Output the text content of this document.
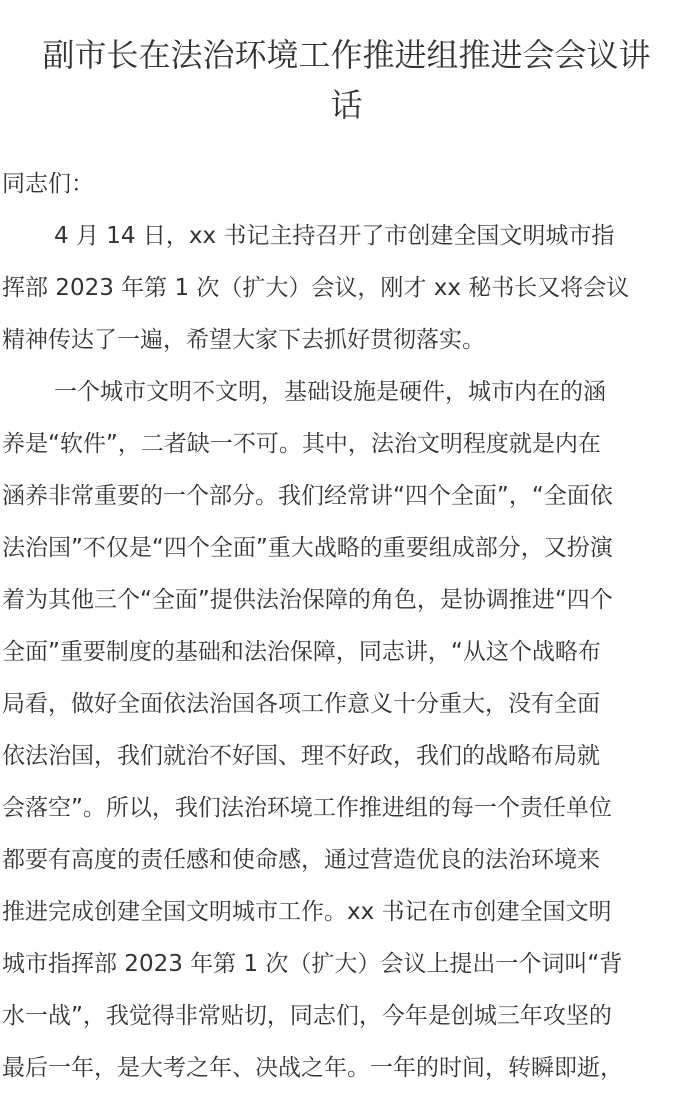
副市长在法治环境工作推进组推进会会议讲
话

同志们：

4 月 14 日，xx 书记主持召开了市创建全国文明城市指
挥部 2023 年第 1 次（扩大）会议，刚才 xx 秘书长又将会议
精神传达了一遍，希望大家下去抓好贯彻落实。
一个城市文明不文明，基础设施是硬件，城市内在的涵
养是“软件”，二者缺一不可。其中，法治文明程度就是内在
涵养非常重要的一个部分。我们经常讲“四个全面”，“全面依
法治国”不仅是“四个全面”重大战略的重要组成部分，又扮演
着为其他三个“全面”提供法治保障的角色，是协调推进“四个
全面”重要制度的基础和法治保障，同志讲，“从这个战略布
局看，做好全面依法治国各项工作意义十分重大，没有全面
依法治国，我们就治不好国、理不好政，我们的战略布局就
会落空”。所以，我们法治环境工作推进组的每一个责任单位
都要有高度的责任感和使命感，通过营造优良的法治环境来
推进完成创建全国文明城市工作。xx 书记在市创建全国文明
城市指挥部 2023 年第 1 次（扩大）会议上提出一个词叫“背
水一战”，我觉得非常贴切，同志们，今年是创城三年攻坚的
最后一年，是大考之年、决战之年。一年的时间，转瞬即逝，
